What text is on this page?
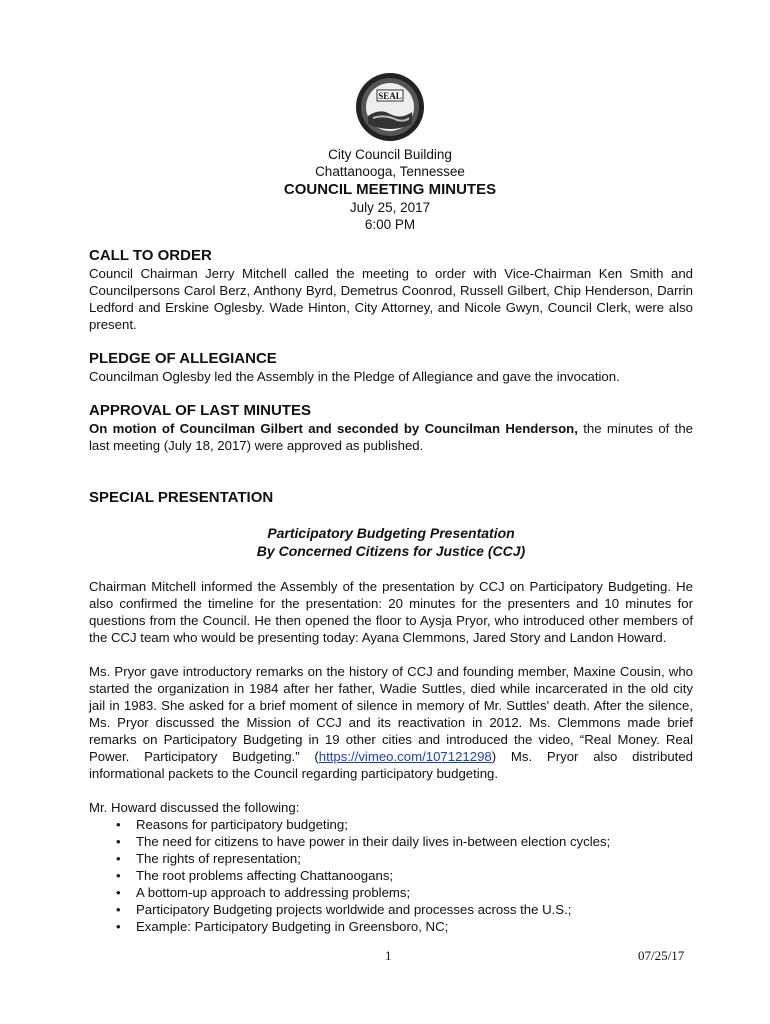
SEAL
City Council Building
Chattanooga, Tennessee
COUNCIL MEETING MINUTES
July 25, 2017
6:00 PM
CALL TO ORDER

Council Chairman Jerry Mitchell called the meeting to order with Vice-Chairman Ken Smith and Councilpersons Carol Berz, Anthony Byrd, Demetrus Coonrod, Russell Gilbert, Chip Henderson, Darrin Ledford and Erskine Oglesby. Wade Hinton, City Attorney, and Nicole Gwyn, Council Clerk, were also present.

PLEDGE OF ALLEGIANCE

Councilman Oglesby led the Assembly in the Pledge of Allegiance and gave the invocation.

APPROVAL OF LAST MINUTES

On motion of Councilman Gilbert and seconded by Councilman Henderson, the minutes of the last meeting (July 18, 2017) were approved as published.

SPECIAL PRESENTATION
Participatory Budgeting Presentation
By Concerned Citizens for Justice (CCJ)

Chairman Mitchell informed the Assembly of the presentation by CCJ on Participatory Budgeting. He also confirmed the timeline for the presentation: 20 minutes for the presenters and 10 minutes for questions from the Council. He then opened the floor to Aysja Pryor, who introduced other members of the CCJ team who would be presenting today: Ayana Clemmons, Jared Story and Landon Howard.

Ms. Pryor gave introductory remarks on the history of CCJ and founding member, Maxine Cousin, who started the organization in 1984 after her father, Wadie Suttles, died while incarcerated in the old city jail in 1983. She asked for a brief moment of silence in memory of Mr. Suttles' death. After the silence, Ms. Pryor discussed the Mission of CCJ and its reactivation in 2012. Ms. Clemmons made brief remarks on Participatory Budgeting in 19 other cities and introduced the video, “Real Money. Real Power. Participatory Budgeting.” (https://vimeo.com/107121298) Ms. Pryor also distributed informational packets to the Council regarding participatory budgeting.

Mr. Howard discussed the following:

• Reasons for participatory budgeting;
• The need for citizens to have power in their daily lives in-between election cycles;
• The rights of representation;
• The root problems affecting Chattanoogans;
• A bottom-up approach to addressing problems;
• Participatory Budgeting projects worldwide and processes across the U.S.;
• Example: Participatory Budgeting in Greensboro, NC;
1	07/25/17
